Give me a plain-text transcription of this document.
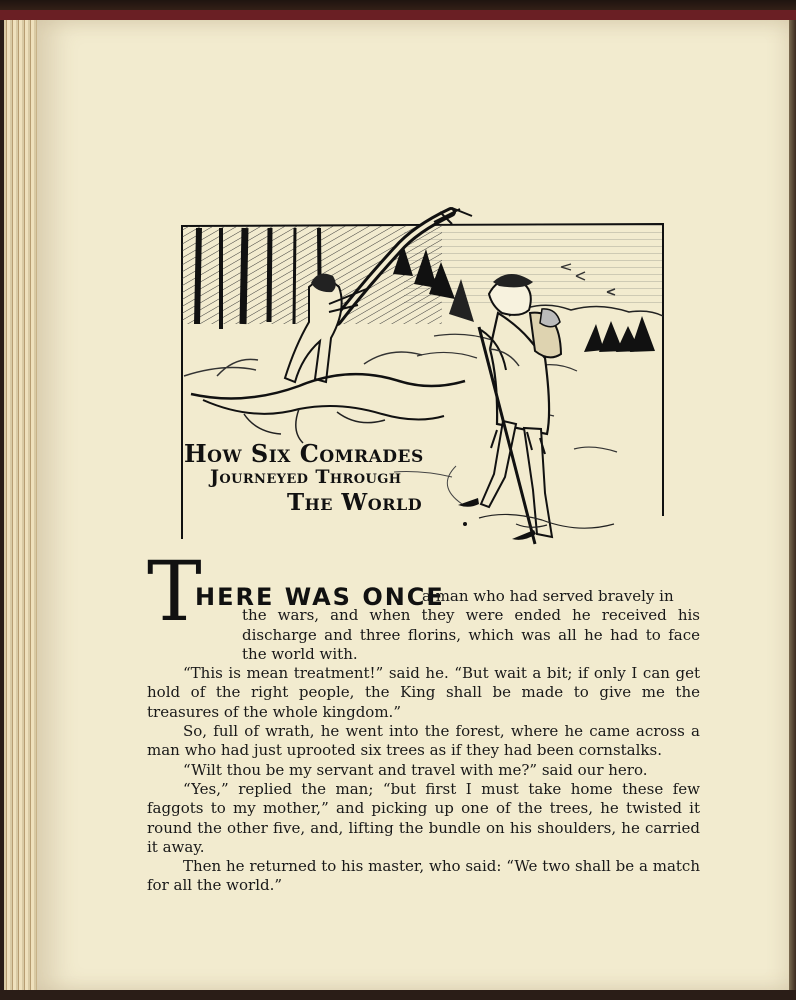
How Six Comrades
Journeyed Through
The World
T
HERE WAS ONCE

a man who had served bravely in

the wars, and when they were ended he received his discharge and three florins, which was all he had to face the world with.

“This is mean treatment!” said he. “But wait a bit; if only I can get hold of the right people, the King shall be made to give me the treasures of the whole kingdom.”

So, full of wrath, he went into the forest, where he came across a man who had just uprooted six trees as if they had been cornstalks.

“Wilt thou be my servant and travel with me?” said our hero.

“Yes,” replied the man; “but first I must take home these few faggots to my mother,” and picking up one of the trees, he twisted it round the other five, and, lifting the bundle on his shoulders, he carried it away.

Then he returned to his master, who said: “We two shall be a match for all the world.”
